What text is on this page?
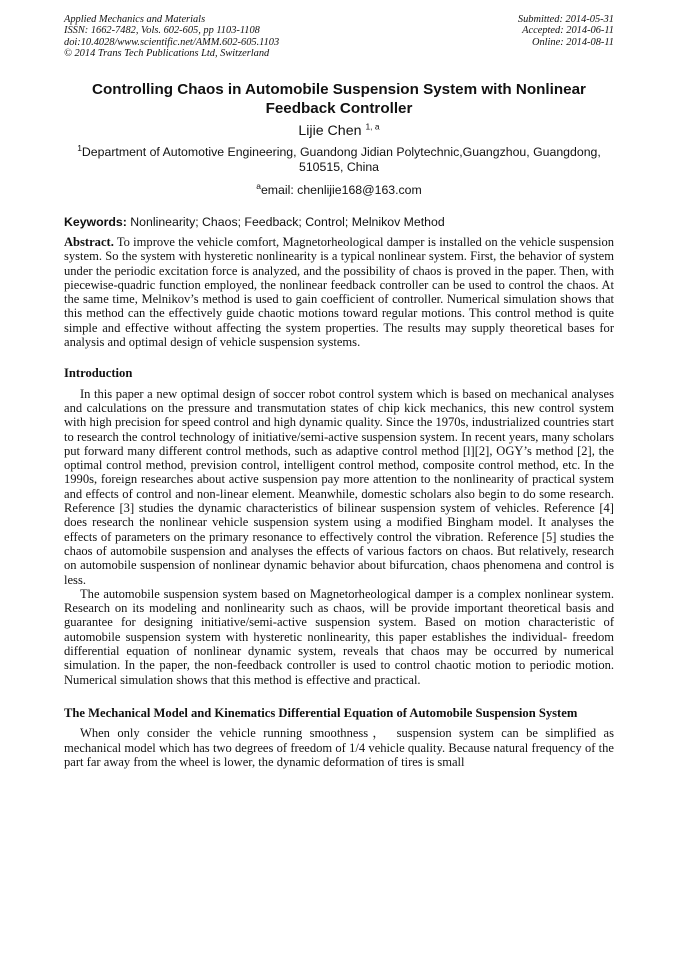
Applied Mechanics and Materials
ISSN: 1662-7482, Vols. 602-605, pp 1103-1108
doi:10.4028/www.scientific.net/AMM.602-605.1103
© 2014 Trans Tech Publications Ltd, Switzerland
Submitted: 2014-05-31
Accepted: 2014-06-11
Online: 2014-08-11
Controlling Chaos in Automobile Suspension System with Nonlinear Feedback Controller
Lijie Chen $^{1, a}$
$^1$Department of Automotive Engineering, Guandong Jidian Polytechnic,Guangzhou, Guangdong, 510515, China
$^a$email: chenlijie168@163.com
Keywords: Nonlinearity; Chaos; Feedback; Control; Melnikov Method

Abstract. To improve the vehicle comfort, Magnetorheological damper is installed on the vehicle suspension system. So the system with hysteretic nonlinearity is a typical nonlinear system. First, the behavior of system under the periodic excitation force is analyzed, and the possibility of chaos is proved in the paper. Then, with piecewise-quadric function employed, the nonlinear feedback controller can be used to control the chaos. At the same time, Melnikov’s method is used to gain coefficient of controller. Numerical simulation shows that this method can the effectively guide chaotic motions toward regular motions. This control method is quite simple and effective without affecting the system properties. The results may supply theoretical bases for analysis and optimal design of vehicle suspension systems.

Introduction

In this paper a new optimal design of soccer robot control system which is based on mechanical analyses and calculations on the pressure and transmutation states of chip kick mechanics, this new control system with high precision for speed control and high dynamic quality. Since the 1970s, industrialized countries start to research the control technology of initiative/semi-active suspension system. In recent years, many scholars put forward many different control methods, such as adaptive control method [l][2], OGY’s method [2], the optimal control method, prevision control, intelligent control method, composite control method, etc. In the 1990s, foreign researches about active suspension pay more attention to the nonlinearity of practical system and effects of control and non-linear element. Meanwhile, domestic scholars also begin to do some research. Reference [3] studies the dynamic characteristics of bilinear suspension system of vehicles. Reference [4] does research the nonlinear vehicle suspension system using a modified Bingham model. It analyses the effects of parameters on the primary resonance to effectively control the vibration. Reference [5] studies the chaos of automobile suspension and analyses the effects of various factors on chaos. But relatively, research on automobile suspension of nonlinear dynamic behavior about bifurcation, chaos phenomena and control is less.

The automobile suspension system based on Magnetorheological damper is a complex nonlinear system. Research on its modeling and nonlinearity such as chaos, will be provide important theoretical basis and guarantee for designing initiative/semi-active suspension system. Based on motion characteristic of automobile suspension system with hysteretic nonlinearity, this paper establishes the individual- freedom differential equation of nonlinear dynamic system, reveals that chaos may be occurred by numerical simulation. In the paper, the non-feedback controller is used to control chaotic motion to periodic motion. Numerical simulation shows that this method is effective and practical.

The Mechanical Model and Kinematics Differential Equation of Automobile Suspension System

When only consider the vehicle running smoothness， suspension system can be simplified as mechanical model which has two degrees of freedom of 1/4 vehicle quality. Because natural frequency of the part far away from the wheel is lower, the dynamic deformation of tires is small
